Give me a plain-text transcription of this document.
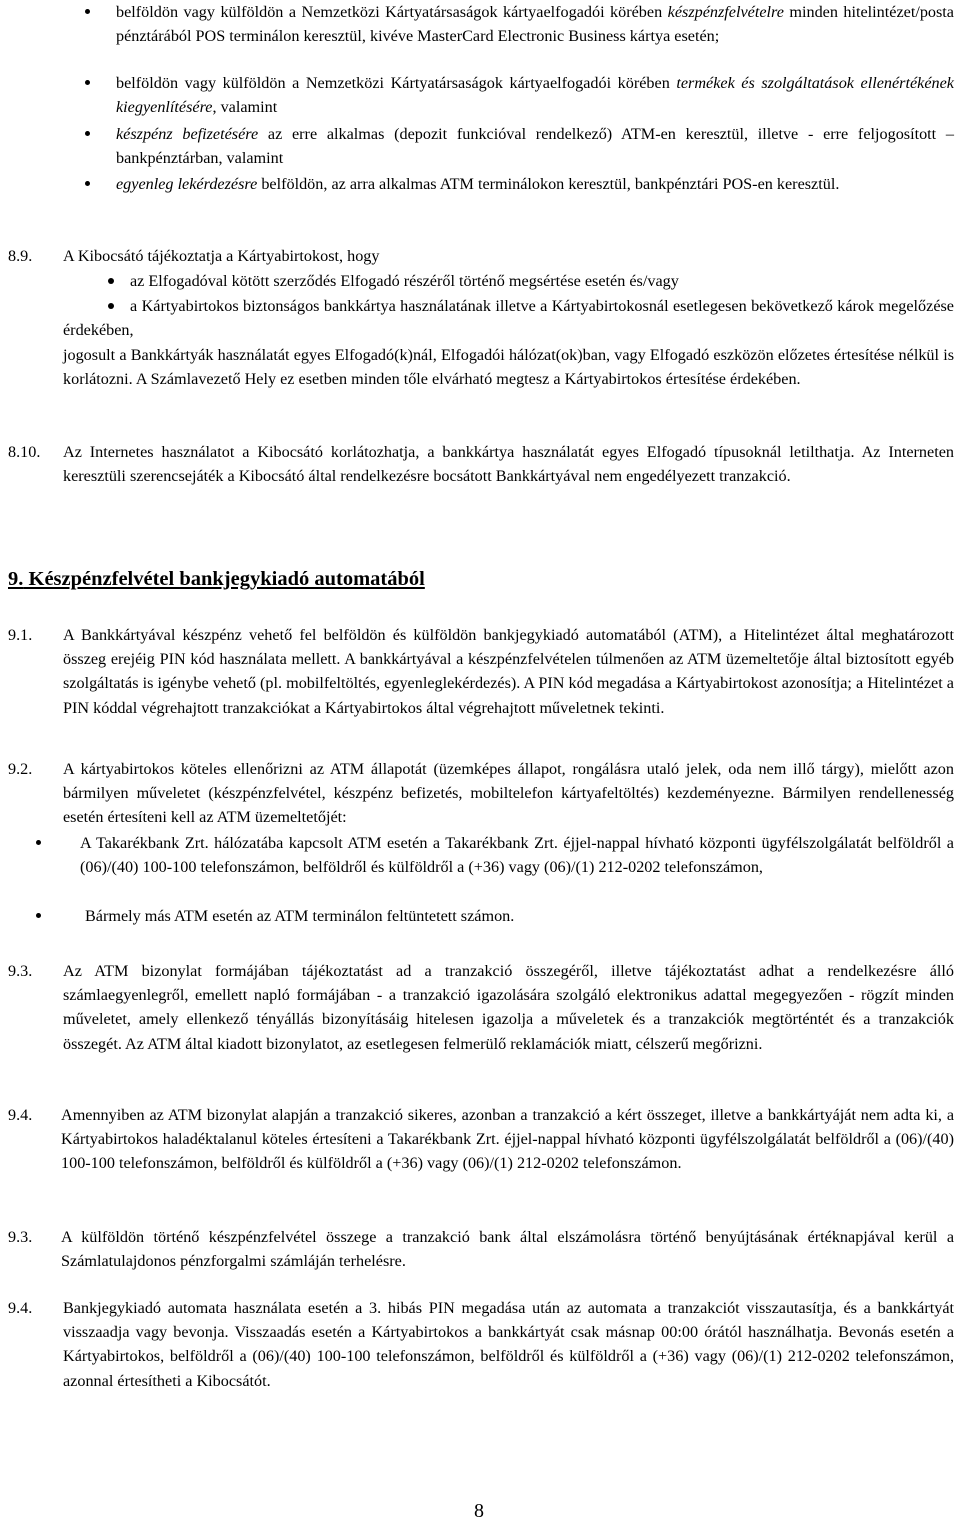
belföldön vagy külföldön a Nemzetközi Kártyatársaságok kártyaelfogadói körében készpénzfelvételre minden hitelintézet/posta pénztárából POS terminálon keresztül, kivéve MasterCard Electronic Business kártya esetén;
belföldön vagy külföldön a Nemzetközi Kártyatársaságok kártyaelfogadói körében termékek és szolgáltatások ellenértékének kiegyenlítésére, valamint
készpénz befizetésére az erre alkalmas (depozit funkcióval rendelkező) ATM-en keresztül, illetve - erre feljogosított – bankpénztárban, valamint
egyenleg lekérdezésre belföldön, az arra alkalmas ATM terminálokon keresztül, bankpénztári POS-en keresztül.
8.9. A Kibocsátó tájékoztatja a Kártyabirtokost, hogy
az Elfogadóval kötött szerződés Elfogadó részéről történő megsértése esetén és/vagy
a Kártyabirtokos biztonságos bankkártya használatának illetve a Kártyabirtokosnál esetlegesen bekövetkező károk megelőzése érdekében,
jogosult a Bankkártyák használatát egyes Elfogadó(k)nál, Elfogadói hálózat(ok)ban, vagy Elfogadó eszközön előzetes értesítése nélkül is korlátozni. A Számlavezető Hely ez esetben minden tőle elvárható megtesz a Kártyabirtokos értesítése érdekében.
8.10. Az Internetes használatot a Kibocsátó korlátozhatja, a bankkártya használatát egyes Elfogadó típusoknál letilthatja. Az Interneten keresztüli szerencsejáték a Kibocsátó által rendelkezésre bocsátott Bankkártyával nem engedélyezett tranzakció.
9. Készpénzfelvétel bankjegykiadó automatából
9.1. A Bankkártyával készpénz vehető fel belföldön és külföldön bankjegykiadó automatából (ATM), a Hitelintézet által meghatározott összeg erejéig PIN kód használata mellett. A bankkártyával a készpénzfelvételen túlmenően az ATM üzemeltetője által biztosított egyéb szolgáltatás is igénybe vehető (pl. mobilfeltöltés, egyenleglekérdezés). A PIN kód megadása a Kártyabirtokost azonosítja; a Hitelintézet a PIN kóddal végrehajtott tranzakciókat a Kártyabirtokos által végrehajtott műveletnek tekinti.
9.2. A kártyabirtokos köteles ellenőrizni az ATM állapotát (üzemképes állapot, rongálásra utaló jelek, oda nem illő tárgy), mielőtt azon bármilyen műveletet (készpénzfelvétel, készpénz befizetés, mobiltelefon kártyafeltöltés) kezdeményezne. Bármilyen rendellenesség esetén értesíteni kell az ATM üzemeltetőjét:
A Takarékbank Zrt. hálózatába kapcsolt ATM esetén a Takarékbank Zrt. éjjel-nappal hívható központi ügyfélszolgálatát belföldről a (06)/(40) 100-100 telefonszámon, belföldről és külföldről a (+36) vagy (06)/(1) 212-0202 telefonszámon,
Bármely más ATM esetén az ATM terminálon feltüntetett számon.
9.3. Az ATM bizonylat formájában tájékoztatást ad a tranzakció összegéről, illetve tájékoztatást adhat a rendelkezésre álló számlaegyenlegről, emellett napló formájában - a tranzakció igazolására szolgáló elektronikus adattal megegyezően - rögzít minden műveletet, amely ellenkező tényállás bizonyításáig hitelesen igazolja a műveletek és a tranzakciók megtörténtét és a tranzakciók összegét. Az ATM által kiadott bizonylatot, az esetlegesen felmerülő reklamációk miatt, célszerű megőrizni.
9.4. Amennyiben az ATM bizonylat alapján a tranzakció sikeres, azonban a tranzakció a kért összeget, illetve a bankkártyáját nem adta ki, a Kártyabirtokos haladéktalanul köteles értesíteni a Takarékbank Zrt. éjjel-nappal hívható központi ügyfélszolgálatát belföldről a (06)/(40) 100-100 telefonszámon, belföldről és külföldről a (+36) vagy (06)/(1) 212-0202 telefonszámon.
9.3. A külföldön történő készpénzfelvétel összege a tranzakció bank által elszámolásra történő benyújtásának értéknapjával kerül a Számlatulajdonos pénzforgalmi számláján terhelésre.
9.4. Bankjegykiadó automata használata esetén a 3. hibás PIN megadása után az automata a tranzakciót visszautasítja, és a bankkártyát visszaadja vagy bevonja. Visszaadás esetén a Kártyabirtokos a bankkártyát csak másnap 00:00 órától használhatja. Bevonás esetén a Kártyabirtokos, belföldről a (06)/(40) 100-100 telefonszámon, belföldről és külföldről a (+36) vagy (06)/(1) 212-0202 telefonszámon, azonnal értesítheti a Kibocsátót.
8
